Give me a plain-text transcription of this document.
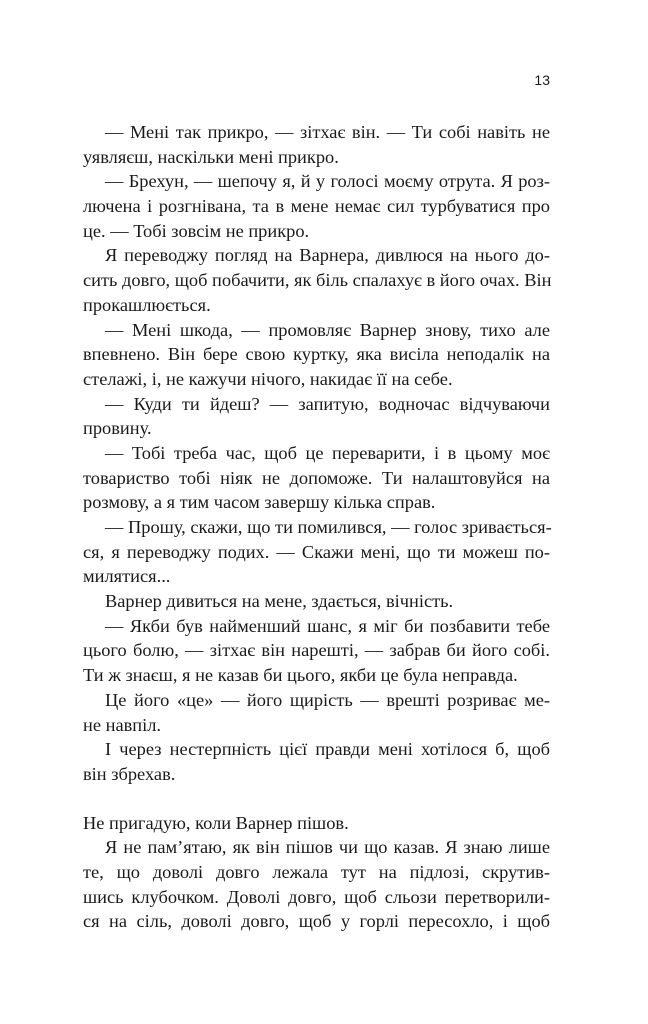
13
— Мені так прикро, — зітхає він. — Ти собі навіть не
уявляєш, наскільки мені прикро.
— Брехун, — шепочу я, й у голосі моєму отрута. Я роз-
лючена і розгнівана, та в мене немає сил турбуватися про
це. — Тобі зовсім не прикро.
Я переводжу погляд на Варнера, дивлюся на нього до-
сить довго, щоб побачити, як біль спалахує в його очах. Він
прокашлюється.
— Мені шкода, — промовляє Варнер знову, тихо але
впевнено. Він бере свою куртку, яка висіла неподалік на
стелажі, і, не кажучи нічого, накидає її на себе.
— Куди ти йдеш? — запитую, водночас відчуваючи
провину.
— Тобі треба час, щоб це переварити, і в цьому моє
товариство тобі ніяк не допоможе. Ти налаштовуйся на
розмову, а я тим часом завершу кілька справ.
— Прошу, скажи, що ти помилився, — голос зривається-
ся, я переводжу подих. — Скажи мені, що ти можеш по-
милятися...
Варнер дивиться на мене, здається, вічність.
— Якби був найменший шанс, я міг би позбавити тебе
цього болю, — зітхає він нарешті, — забрав би його собі.
Ти ж знаєш, я не казав би цього, якби це була неправда.
Це його «це» — його щирість — врешті розриває ме-
не навпіл.
І через нестерпність цієї правди мені хотілося б, щоб
він збрехав.
Не пригадую, коли Варнер пішов.
Я не пам’ятаю, як він пішов чи що казав. Я знаю лише
те, що доволі довго лежала тут на підлозі, скрутив-
шись клубочком. Доволі довго, щоб сльози перетворили-
ся на сіль, доволі довго, щоб у горлі пересохло, і щоб
